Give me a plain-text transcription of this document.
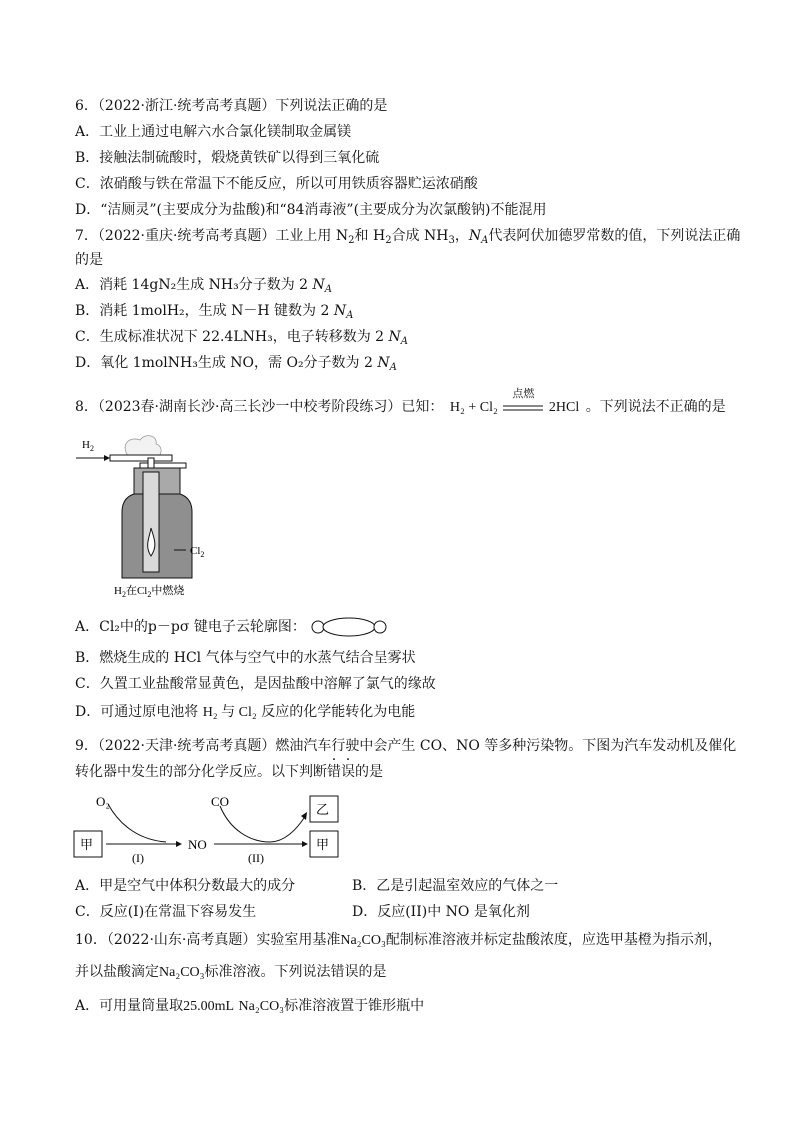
6．（2022·浙江·统考高考真题）下列说法正确的是
A．工业上通过电解六水合氯化镁制取金属镁
B．接触法制硫酸时，煅烧黄铁矿以得到三氧化硫
C．浓硝酸与铁在常温下不能反应，所以可用铁质容器贮运浓硝酸
D．“洁厕灵”(主要成分为盐酸)和“84消毒液”(主要成分为次氯酸钠)不能混用
7．（2022·重庆·统考高考真题）工业上用 $N_2$和 $H_2$合成 $NH_3$，$N_A$代表阿伏加德罗常数的值，下列说法正确
的是
A．消耗 14gN₂生成 NH₃分子数为 2 $N_A$
B．消耗 1molH₂，生成 N－H 键数为 2 $N_A$
C．生成标准状况下 22.4LNH₃，电子转移数为 2 $N_A$
D．氧化 1molNH₃生成 NO，需 O₂分子数为 2 $N_A$
8．（2023春·湖南长沙·高三长沙一中校考阶段练习）已知： H₂ + Cl₂
点燃
2HCl 。下列说法不正确的是
$H_2$
$Cl_2$
$H_2$在$Cl_2$中燃烧
A．Cl₂中的p－pσ 键电子云轮廓图：
B．燃烧生成的 HCl 气体与空气中的水蒸气结合呈雾状
C．久置工业盐酸常显黄色，是因盐酸中溶解了氯气的缘故
D．可通过原电池将 H₂ 与 Cl₂ 反应的化学能转化为电能
9．（2022·天津·统考高考真题）燃油汽车行驶中会产生 CO、NO 等多种污染物。下图为汽车发动机及催化
转化器中发生的部分化学反应。以下判断错误的是
O₂	CO
甲
(I)
NO
(II)
乙
甲
A．甲是空气中体积分数最大的成分	B．乙是引起温室效应的气体之一
C．反应(I)在常温下容易发生	D．反应(II)中 NO 是氧化剂
10．（2022·山东·高考真题）实验室用基准Na₂CO₃配制标准溶液并标定盐酸浓度，应选甲基橙为指示剂，
并以盐酸滴定Na₂CO₃标准溶液。下列说法错误的是
A．可用量筒量取25.00mL Na₂CO₃标准溶液置于锥形瓶中
